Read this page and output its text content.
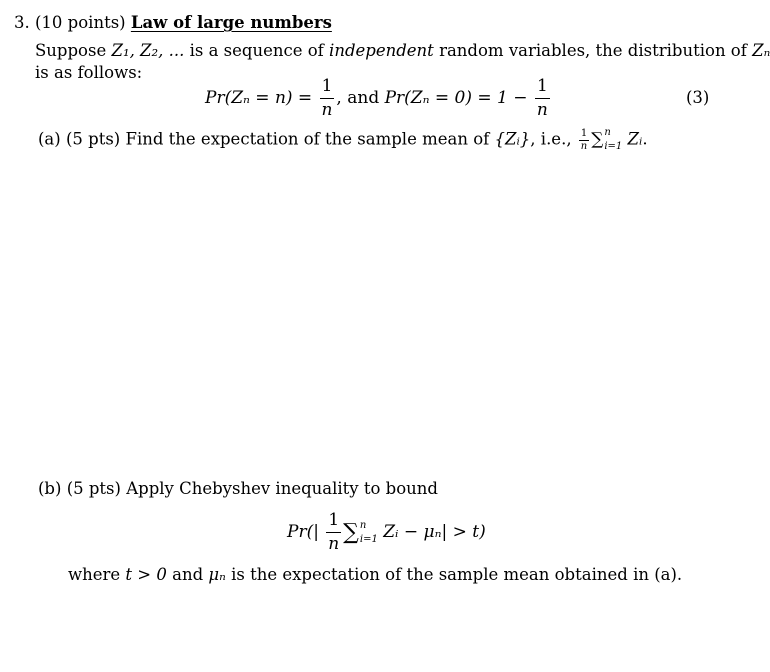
3. (10 points) Law of large numbers
Suppose Z₁, Z₂, ... is a sequence of independent random variables, the distribution of Zₙ
is as follows:
$Pr(Z_n = n) = \frac{1}{n}$ , and $Pr(Z_n = 0) = 1 - \frac{1}{n}$	(3)
(a) (5 pts) Find the expectation of the sample mean of {Zᵢ}, i.e., $\frac{1}{n}$ ∑ n
i=1 Zᵢ.
(b) (5 pts) Apply Chebyshev inequality to bound
$Pr(| \frac{1}{n}$ ∑ n
i=1 Zᵢ − μₙ| > t)
where t > 0 and μₙ is the expectation of the sample mean obtained in (a).
